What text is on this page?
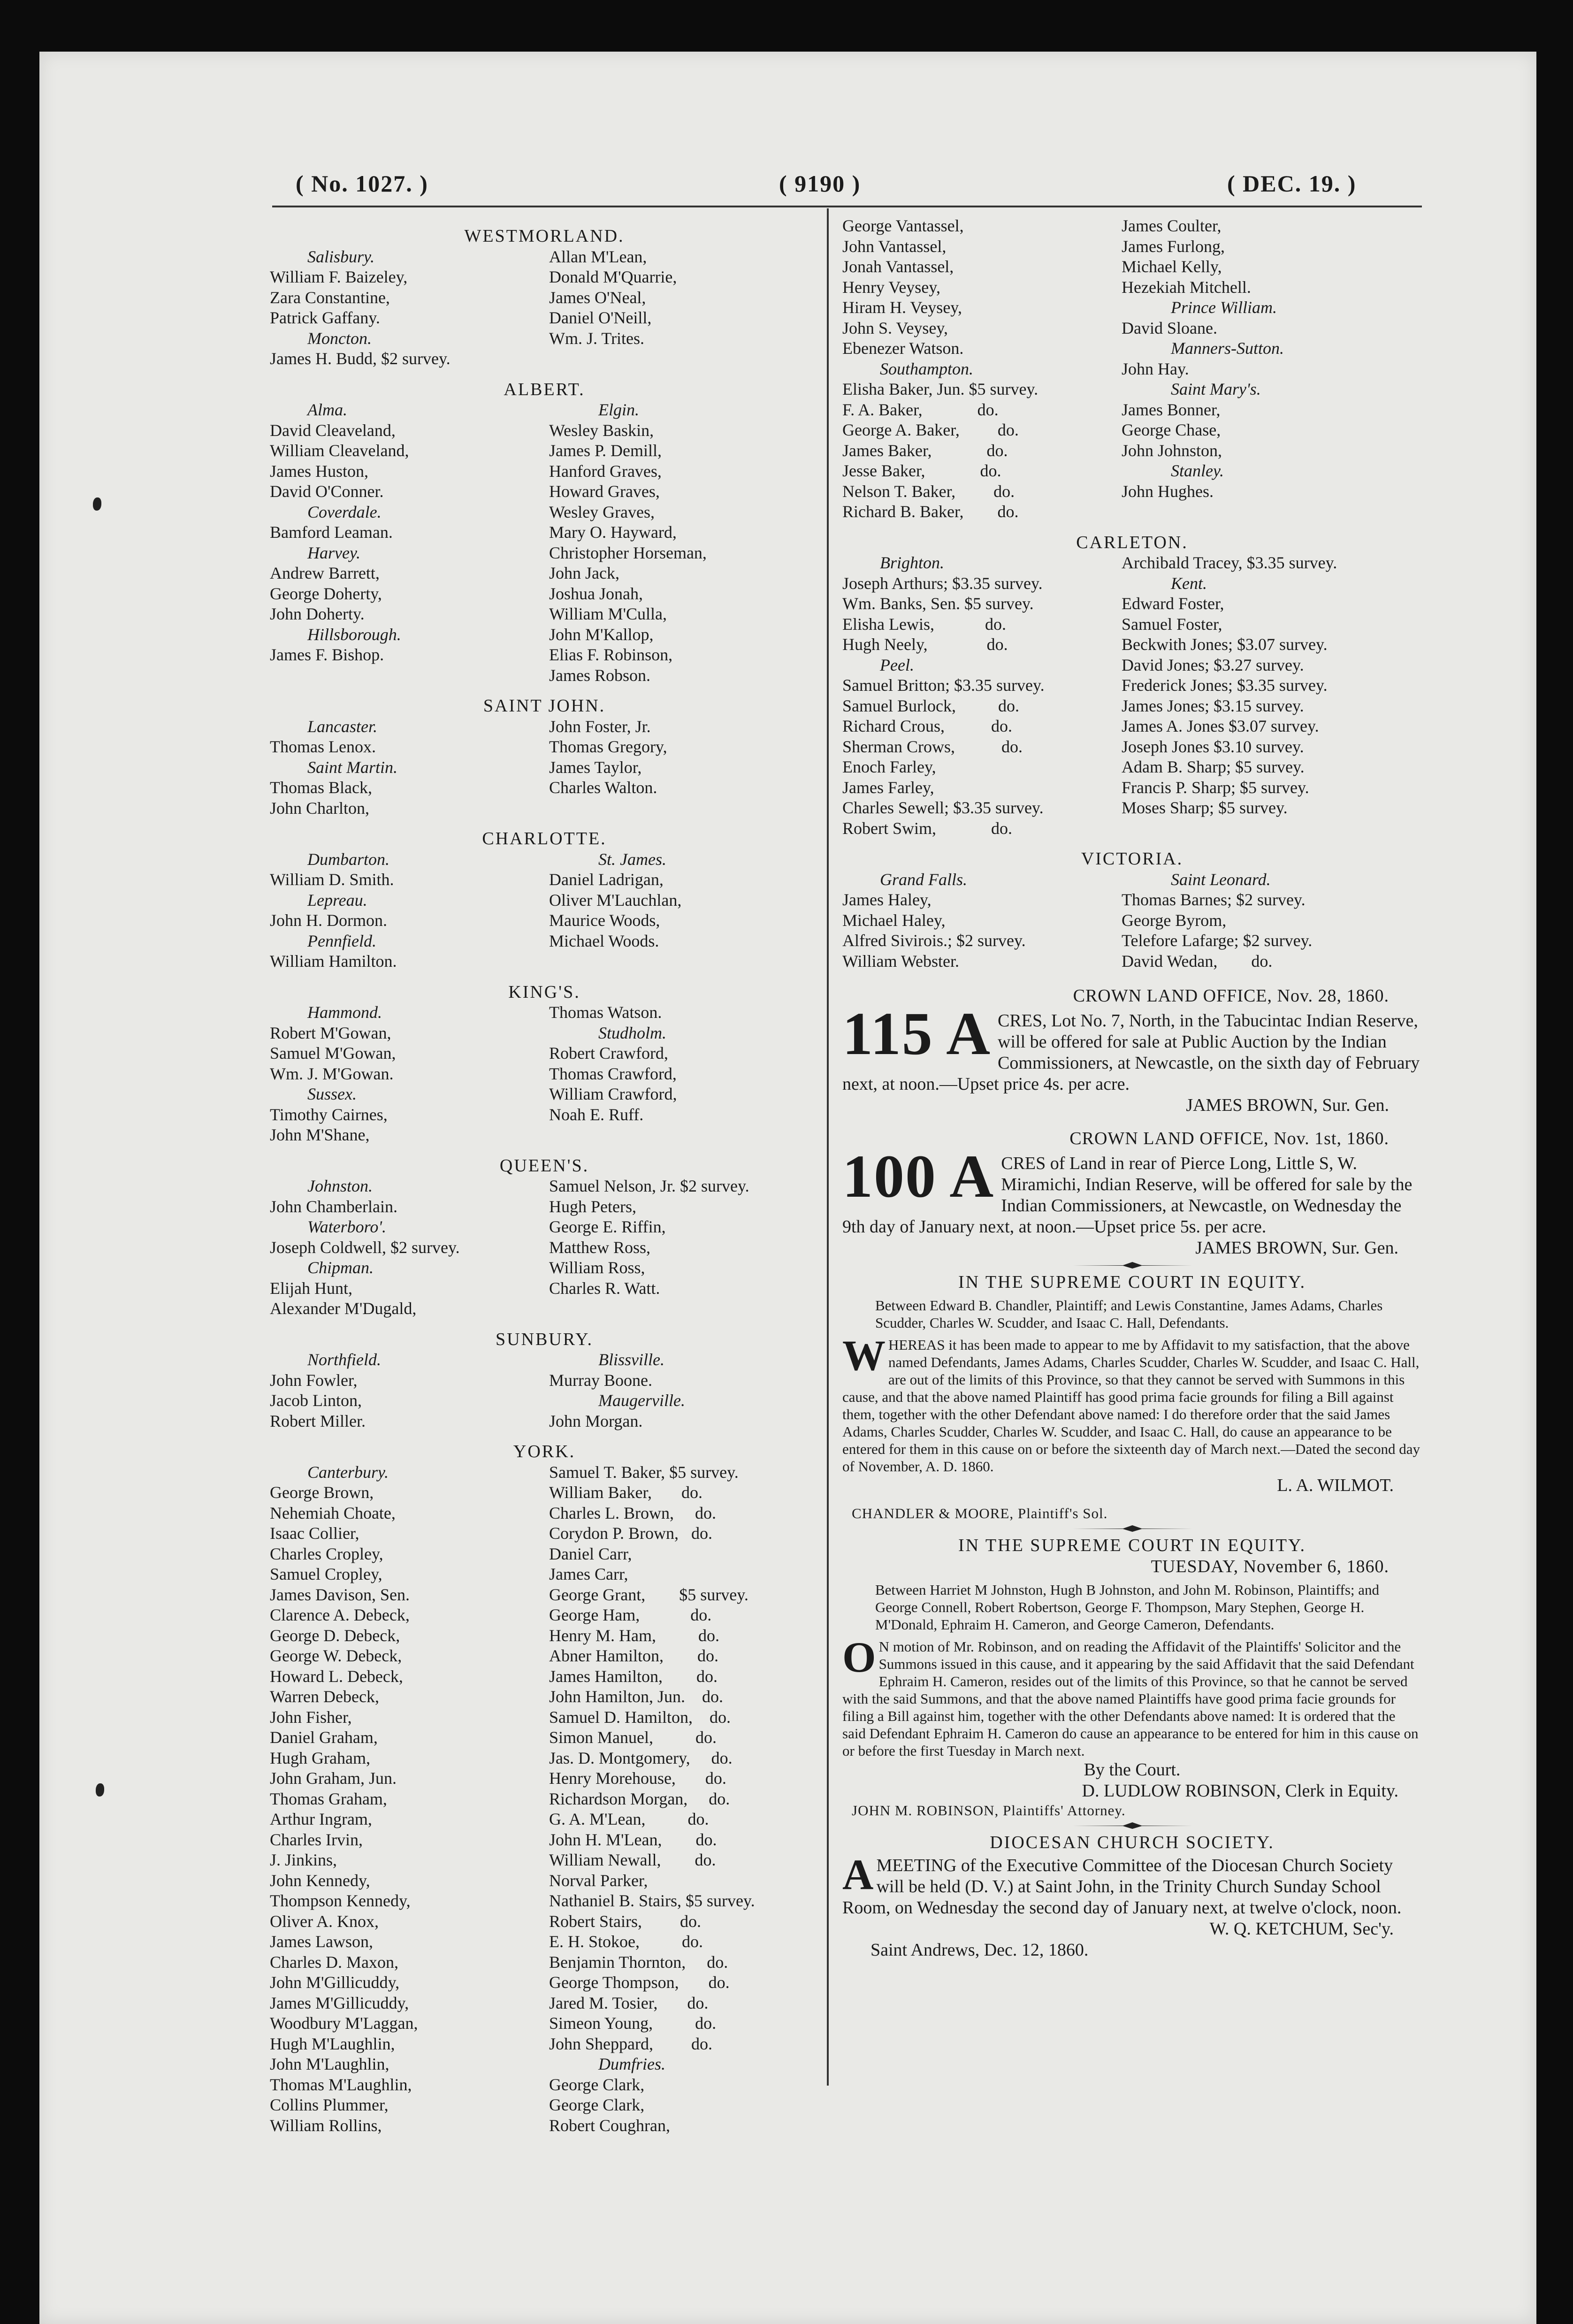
( No. 1027. )	( 9190 )	( DEC. 19. )
WESTMORLAND.
Salisbury.	Allan M'Lean,
William F. Baizeley,	Donald M'Quarrie,
Zara Constantine,	James O'Neal,
Patrick Gaffany.	Daniel O'Neill,
Moncton.	Wm. J. Trites.
James H. Budd, $2 survey.
ALBERT.
Alma.	Elgin.
David Cleaveland,	Wesley Baskin,
William Cleaveland,	James P. Demill,
James Huston,	Hanford Graves,
David O'Conner.	Howard Graves,
Coverdale.	Wesley Graves,
Bamford Leaman.	Mary O. Hayward,
Harvey.	Christopher Horseman,
Andrew Barrett,	John Jack,
George Doherty,	Joshua Jonah,
John Doherty.	William M'Culla,
Hillsborough.	John M'Kallop,
James F. Bishop.	Elias F. Robinson,
James Robson.
SAINT JOHN.
Lancaster.	John Foster, Jr.
Thomas Lenox.	Thomas Gregory,
Saint Martin.	James Taylor,
Thomas Black,	Charles Walton.
John Charlton,
CHARLOTTE.
Dumbarton.	St. James.
William D. Smith.	Daniel Ladrigan,
Lepreau.	Oliver M'Lauchlan,
John H. Dormon.	Maurice Woods,
Pennfield.	Michael Woods.
William Hamilton.
KING'S.
Hammond.	Thomas Watson.
Robert M'Gowan,	Studholm.
Samuel M'Gowan,	Robert Crawford,
Wm. J. M'Gowan.	Thomas Crawford,
Sussex.	William Crawford,
Timothy Cairnes,	Noah E. Ruff.
John M'Shane,
QUEEN'S.
Johnston.	Samuel Nelson, Jr. $2 survey.
John Chamberlain.	Hugh Peters,
Waterboro'.	George E. Riffin,
Joseph Coldwell, $2 survey.	Matthew Ross,
Chipman.	William Ross,
Elijah Hunt,	Charles R. Watt.
Alexander M'Dugald,
SUNBURY.
Northfield.	Blissville.
John Fowler,	Murray Boone.
Jacob Linton,	Maugerville.
Robert Miller.	John Morgan.
YORK.
Canterbury.	Samuel T. Baker, $5 survey.
George Brown,	William Baker,       do.
Nehemiah Choate,	Charles L. Brown,     do.
Isaac Collier,	Corydon P. Brown,   do.
Charles Cropley,	Daniel Carr,
Samuel Cropley,	James Carr,
James Davison, Sen.	George Grant,        $5 survey.
Clarence A. Debeck,	George Ham,            do.
George D. Debeck,	Henry M. Ham,          do.
George W. Debeck,	Abner Hamilton,        do.
Howard L. Debeck,	James Hamilton,        do.
Warren Debeck,	John Hamilton, Jun.    do.
John Fisher,	Samuel D. Hamilton,    do.
Daniel Graham,	Simon Manuel,          do.
Hugh Graham,	Jas. D. Montgomery,     do.
John Graham, Jun.	Henry Morehouse,       do.
Thomas Graham,	Richardson Morgan,     do.
Arthur Ingram,	G. A. M'Lean,          do.
Charles Irvin,	John H. M'Lean,        do.
J. Jinkins,	William Newall,        do.
John Kennedy,	Norval Parker,
Thompson Kennedy,	Nathaniel B. Stairs, $5 survey.
Oliver A. Knox,	Robert Stairs,         do.
James Lawson,	E. H. Stokoe,          do.
Charles D. Maxon,	Benjamin Thornton,     do.
John M'Gillicuddy,	George Thompson,       do.
James M'Gillicuddy,	Jared M. Tosier,       do.
Woodbury M'Laggan,	Simeon Young,          do.
Hugh M'Laughlin,	John Sheppard,         do.
John M'Laughlin,	Dumfries.
Thomas M'Laughlin,	George Clark,
Collins Plummer,	George Clark,
William Rollins,	Robert Coughran,
George Vantassel,	James Coulter,
John Vantassel,	James Furlong,
Jonah Vantassel,	Michael Kelly,
Henry Veysey,	Hezekiah Mitchell.
Hiram H. Veysey,	Prince William.
John S. Veysey,	David Sloane.
Ebenezer Watson.	Manners-Sutton.
Southampton.	John Hay.
Elisha Baker, Jun. $5 survey.	Saint Mary's.
F. A. Baker,             do.	James Bonner,
George A. Baker,         do.	George Chase,
James Baker,             do.	John Johnston,
Jesse Baker,             do.	Stanley.
Nelson T. Baker,         do.	John Hughes.
Richard B. Baker,        do.
CARLETON.
Brighton.	Archibald Tracey, $3.35 survey.
Joseph Arthurs; $3.35 survey.	Kent.
Wm. Banks, Sen. $5 survey.	Edward Foster,
Elisha Lewis,            do.	Samuel Foster,
Hugh Neely,              do.	Beckwith Jones; $3.07 survey.
Peel.	David Jones; $3.27 survey.
Samuel Britton; $3.35 survey.	Frederick Jones; $3.35 survey.
Samuel Burlock,          do.	James Jones; $3.15 survey.
Richard Crous,           do.	James A. Jones $3.07 survey.
Sherman Crows,           do.	Joseph Jones $3.10 survey.
Enoch Farley,	Adam B. Sharp; $5 survey.
James Farley,	Francis P. Sharp; $5 survey.
Charles Sewell; $3.35 survey.	Moses Sharp; $5 survey.
Robert Swim,             do.
VICTORIA.
Grand Falls.	Saint Leonard.
James Haley,	Thomas Barnes; $2 survey.
Michael Haley,	George Byrom,
Alfred Sivirois.; $2 survey.	Telefore Lafarge; $2 survey.
William Webster.	David Wedan,        do.
CROWN LAND OFFICE, Nov. 28, 1860.
115 A CRES, Lot No. 7, North, in the Tabucintac Indian Reserve, will be offered for sale at Public Auction by the Indian Commissioners, at Newcastle, on the sixth day of February next, at noon.—Upset price 4s. per acre.
JAMES BROWN, Sur. Gen.
CROWN LAND OFFICE, Nov. 1st, 1860.
100 A CRES of Land in rear of Pierce Long, Little S, W. Miramichi, Indian Reserve, will be offered for sale by the Indian Commissioners, at Newcastle, on Wednesday the 9th day of January next, at noon.—Upset price 5s. per acre.
JAMES BROWN, Sur. Gen.
IN THE SUPREME COURT IN EQUITY.
Between Edward B. Chandler, Plaintiff; and Lewis Constantine, James Adams, Charles Scudder, Charles W. Scudder, and Isaac C. Hall, Defendants.
W HEREAS it has been made to appear to me by Affidavit to my satisfaction, that the above named Defendants, James Adams, Charles Scudder, Charles W. Scudder, and Isaac C. Hall, are out of the limits of this Province, so that they cannot be served with Summons in this cause, and that the above named Plaintiff has good prima facie grounds for filing a Bill against them, together with the other Defendant above named: I do therefore order that the said James Adams, Charles Scudder, Charles W. Scudder, and Isaac C. Hall, do cause an appearance to be entered for them in this cause on or before the sixteenth day of March next.—Dated the second day of November, A. D. 1860.
L. A. WILMOT.
CHANDLER & MOORE, Plaintiff's Sol.
IN THE SUPREME COURT IN EQUITY.
TUESDAY, November 6, 1860.
Between Harriet M Johnston, Hugh B Johnston, and John M. Robinson, Plaintiffs; and George Connell, Robert Robertson, George F. Thompson, Mary Stephen, George H. M'Donald, Ephraim H. Cameron, and George Cameron, Defendants.
O N motion of Mr. Robinson, and on reading the Affidavit of the Plaintiffs' Solicitor and the Summons issued in this cause, and it appearing by the said Affidavit that the said Defendant Ephraim H. Cameron, resides out of the limits of this Province, so that he cannot be served with the said Summons, and that the above named Plaintiffs have good prima facie grounds for filing a Bill against him, together with the other Defendants above named: It is ordered that the said Defendant Ephraim H. Cameron do cause an appearance to be entered for him in this cause on or before the first Tuesday in March next.
By the Court.
D. LUDLOW ROBINSON, Clerk in Equity.
JOHN M. ROBINSON, Plaintiffs' Attorney.
DIOCESAN CHURCH SOCIETY.
A MEETING of the Executive Committee of the Diocesan Church Society will be held (D. V.) at Saint John, in the Trinity Church Sunday School Room, on Wednesday the second day of January next, at twelve o'clock, noon.
W. Q. KETCHUM, Sec'y.
Saint Andrews, Dec. 12, 1860.
